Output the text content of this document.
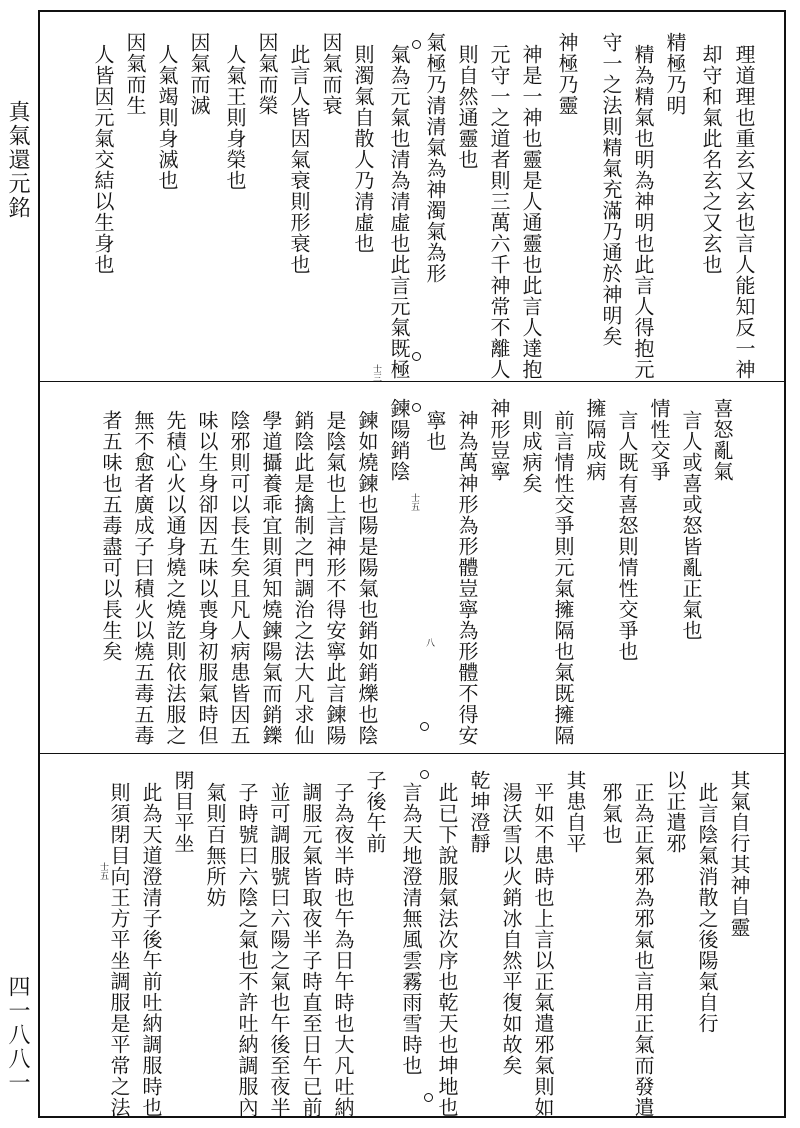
真氣還元銘
四一八八一
理道理也重玄又玄也言人能知反一神
却守和氣此名玄之又玄也
精極乃明
精為精氣也明為神明也此言人得抱元
守一之法則精氣充滿乃通於神明矣
神極乃靈
神是一神也靈是人通靈也此言人達抱
元守一之道者則三萬六千神常不離人
則自然通靈也
氣極乃清清氣為神濁氣為形
氣為元氣也清為清虛也此言元氣既極
則濁氣自散人乃清虛也
因氣而衰
此言人皆因氣衰則形衰也
因氣而榮
人氣王則身榮也
因氣而滅
人氣竭則身滅也
因氣而生
人皆因元氣交結以生身也
喜怒亂氣
言人或喜或怒皆亂正氣也
情性交爭
言人既有喜怒則情性交爭也
擁隔成病
前言情性交爭則元氣擁隔也氣既擁隔
則成病矣
神形豈寧
神為萬神形為形體豈寧為形體不得安
寧也
鍊陽銷陰
鍊如燒鍊也陽是陽氣也銷如銷爍也陰
是陰氣也上言神形不得安寧此言鍊陽
銷陰此是擒制之門調治之法大凡求仙
學道攝養乖宜則須知燒鍊陽氣而銷鑠
陰邪則可以長生矣且凡人病患皆因五
味以生身卻因五味以喪身初服氣時但
先積心火以通身燒之燒訖則依法服之
無不愈者廣成子曰積火以燒五毒五毒
者五味也五毒盡可以長生矣
其氣自行其神自靈
此言陰氣消散之後陽氣自行
以正遣邪
正為正氣邪為邪氣也言用正氣而發遣
邪氣也
其患自平
平如不患時也上言以正氣遣邪氣則如
湯沃雪以火銷冰自然平復如故矣
乾坤澄靜
此已下說服氣法次序也乾天也坤地也
言為天地澄清無風雲霧雨雪時也
子後午前
子為夜半時也午為日午時也大凡吐納
調服元氣皆取夜半子時直至日午已前
並可調服號曰六陽之氣也午後至夜半
子時號曰六陰之氣也不許吐納調服內
氣則百無所妨
閉目平坐
此為天道澄清子後午前吐納調服時也
則須閉目向王方平坐調服是平常之法
士三
士五
八
士五
